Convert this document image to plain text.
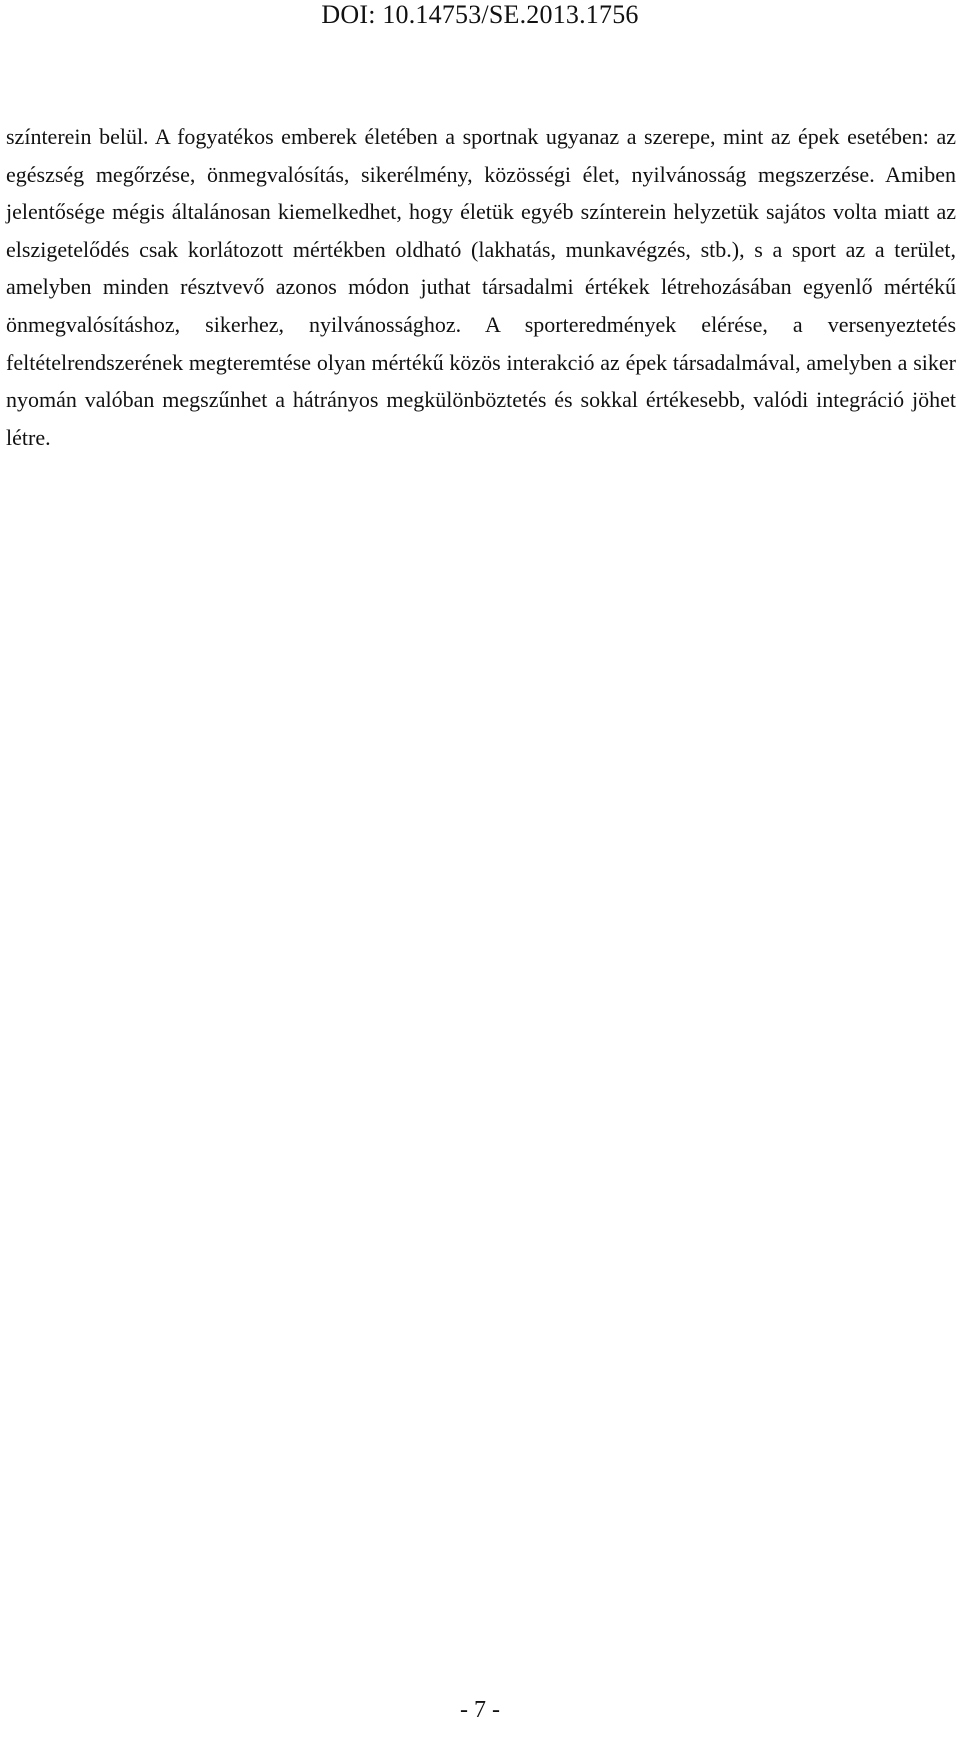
DOI: 10.14753/SE.2013.1756

színterein belül. A fogyatékos emberek életében a sportnak ugyanaz a szerepe, mint az épek esetében: az egészség megőrzése, önmegvalósítás, sikerélmény, közösségi élet, nyilvánosság megszerzése. Amiben jelentősége mégis általánosan kiemelkedhet, hogy életük egyéb színterein helyzetük sajátos volta miatt az elszigetelődés csak korlátozott mértékben oldható (lakhatás, munkavégzés, stb.), s a sport az a terület, amelyben minden résztvevő azonos módon juthat társadalmi értékek létrehozásában egyenlő mértékű önmegvalósításhoz, sikerhez, nyilvánossághoz. A sporteredmények elérése, a versenyeztetés feltételrendszerének megteremtése olyan mértékű közös interakció az épek társadalmával, amelyben a siker nyomán valóban megszűnhet a hátrányos megkülönböztetés és sokkal értékesebb, valódi integráció jöhet létre.

- 7 -
